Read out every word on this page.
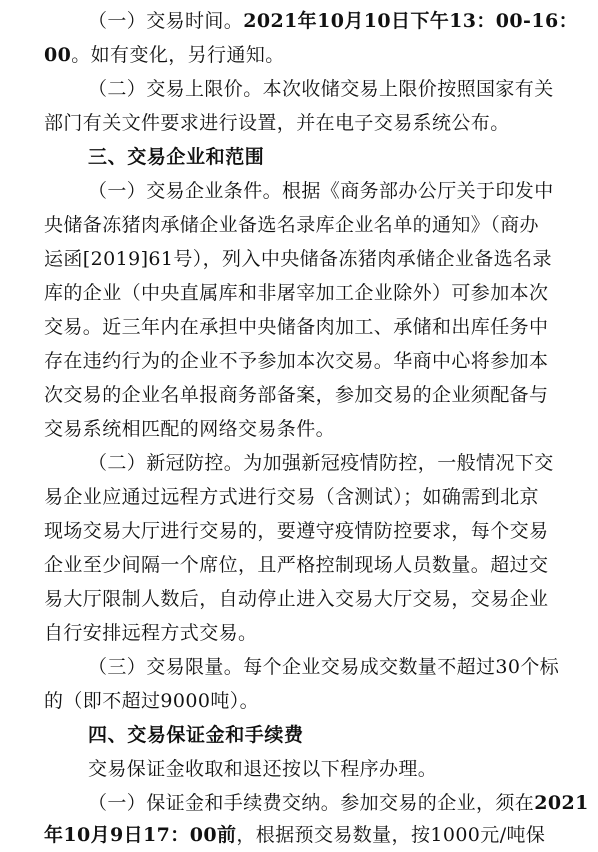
（一）交易时间。2021年10月10日下午13：00-16：
00。如有变化，另行通知。
（二）交易上限价。本次收储交易上限价按照国家有关
部门有关文件要求进行设置，并在电子交易系统公布。
三、交易企业和范围
（一）交易企业条件。根据《商务部办公厅关于印发中
央储备冻猪肉承储企业备选名录库企业名单的通知》（商办
运函[2019]61号），列入中央储备冻猪肉承储企业备选名录
库的企业（中央直属库和非屠宰加工企业除外）可参加本次
交易。近三年内在承担中央储备肉加工、承储和出库任务中
存在违约行为的企业不予参加本次交易。华商中心将参加本
次交易的企业名单报商务部备案，参加交易的企业须配备与
交易系统相匹配的网络交易条件。
（二）新冠防控。为加强新冠疫情防控，一般情况下交
易企业应通过远程方式进行交易（含测试）；如确需到北京
现场交易大厅进行交易的，要遵守疫情防控要求，每个交易
企业至少间隔一个席位，且严格控制现场人员数量。超过交
易大厅限制人数后，自动停止进入交易大厅交易，交易企业
自行安排远程方式交易。
（三）交易限量。每个企业交易成交数量不超过30个标
的（即不超过9000吨）。
四、交易保证金和手续费
交易保证金收取和退还按以下程序办理。
（一）保证金和手续费交纳。参加交易的企业，须在2021
年10月9日17：00前，根据预交易数量，按1000元/吨保
